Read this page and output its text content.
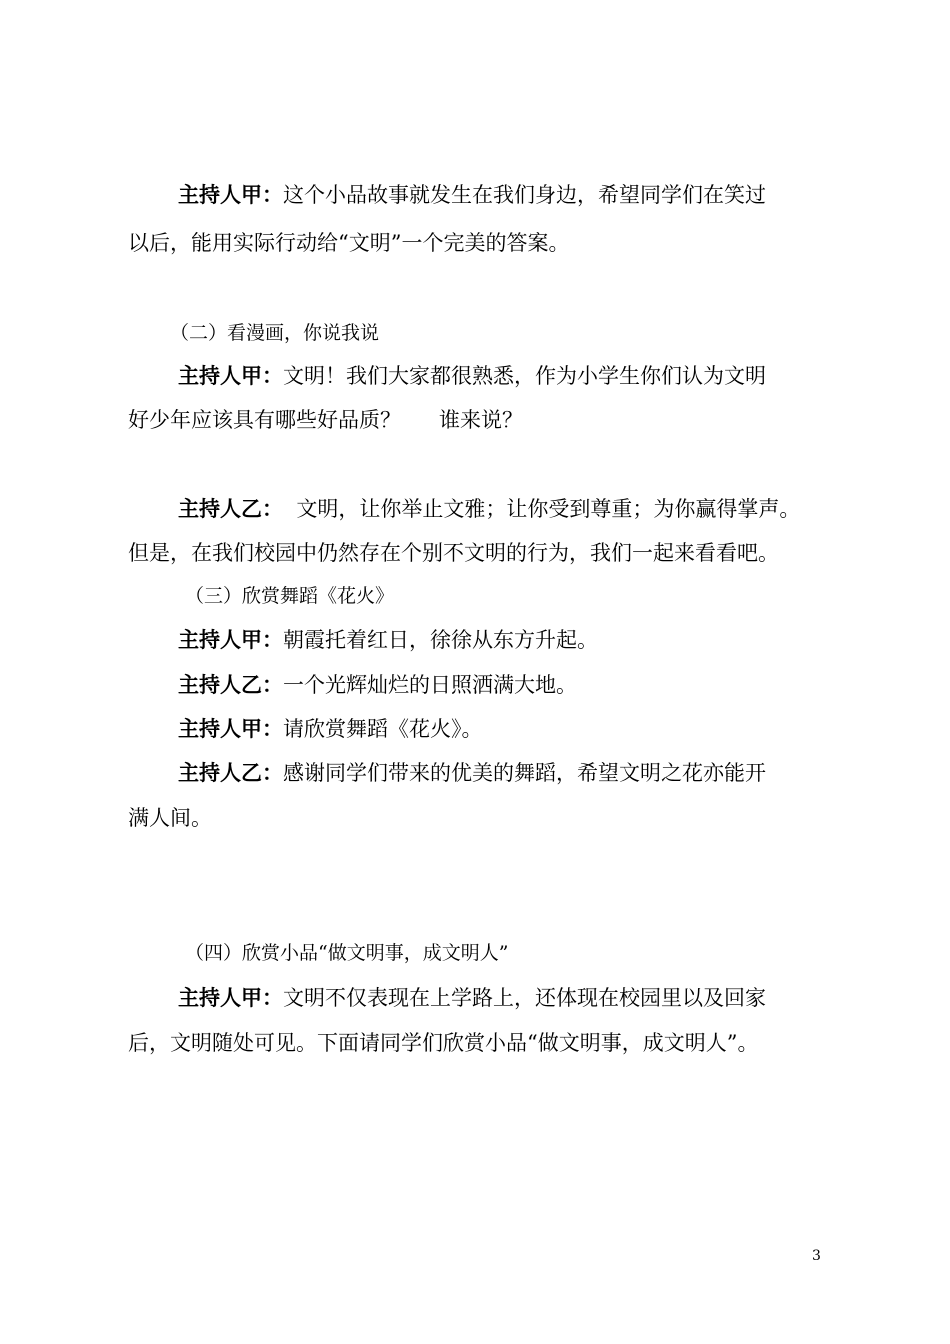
主持人甲：这个小品故事就发生在我们身边，希望同学们在笑过
以后，能用实际行动给“文明”一个完美的答案。
（二）看漫画，你说我说
主持人甲：文明！我们大家都很熟悉，作为小学生你们认为文明
好少年应该具有哪些好品质？ 谁来说？
主持人乙：  文明，让你举止文雅；让你受到尊重；为你赢得掌声。
但是，在我们校园中仍然存在个别不文明的行为，我们一起来看看吧。
（三）欣赏舞蹈《花火》
主持人甲：朝霞托着红日，徐徐从东方升起。
主持人乙：一个光辉灿烂的日照洒满大地。
主持人甲：请欣赏舞蹈《花火》。
主持人乙：感谢同学们带来的优美的舞蹈，希望文明之花亦能开
满人间。
（四）欣赏小品“做文明事，成文明人”
主持人甲：文明不仅表现在上学路上，还体现在校园里以及回家
后，文明随处可见。下面请同学们欣赏小品“做文明事，成文明人”。
3
